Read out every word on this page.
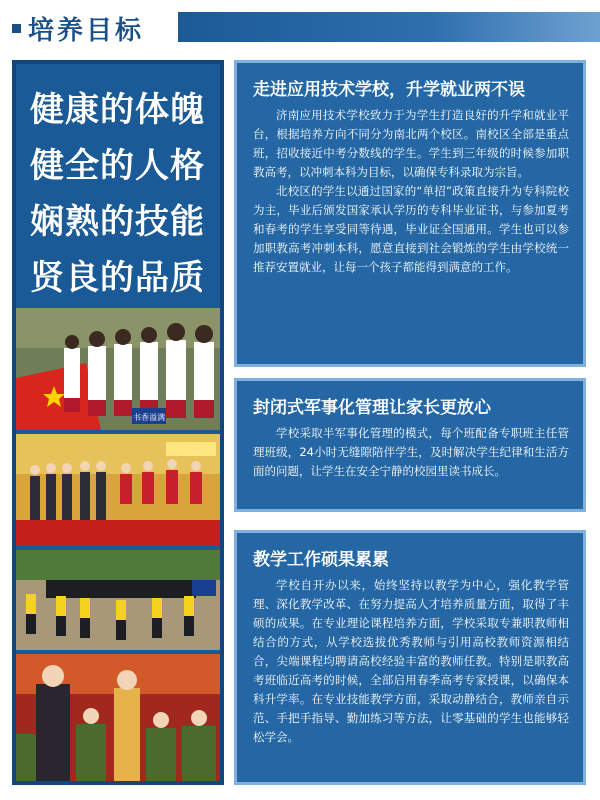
培养目标
健康的体魄
健全的人格
娴熟的技能
贤良的品质
书香溢满
走进应用技术学校，升学就业两不误

济南应用技术学校致力于为学生打造良好的升学和就业平台，根据培养方向不同分为南北两个校区。南校区全部是重点班，招收接近中考分数线的学生。学生到三年级的时候参加职教高考，以冲刺本科为目标，以确保专科录取为宗旨。

北校区的学生以通过国家的“单招”政策直接升为专科院校为主，毕业后颁发国家承认学历的专科毕业证书，与参加夏考和春考的学生享受同等待遇，毕业证全国通用。学生也可以参加职教高考冲刺本科，愿意直接到社会锻炼的学生由学校统一推荐安置就业，让每一个孩子都能得到满意的工作。

封闭式军事化管理让家长更放心

学校采取半军事化管理的模式，每个班配备专职班主任管理班级，24小时无缝隙陪伴学生，及时解决学生纪律和生活方面的问题，让学生在安全宁静的校园里读书成长。

教学工作硕果累累

学校自开办以来，始终坚持以教学为中心，强化教学管理、深化教学改革、在努力提高人才培养质量方面，取得了丰硕的成果。在专业理论课程培养方面，学校采取专兼职教师相结合的方式，从学校选拔优秀教师与引用高校教师资源相结合，尖端课程均聘请高校经验丰富的教师任教。特别是职教高考班临近高考的时候，全部启用春季高考专家授课，以确保本科升学率。在专业技能教学方面，采取动静结合，教师亲自示范、手把手指导、勤加练习等方法，让零基础的学生也能够轻松学会。
